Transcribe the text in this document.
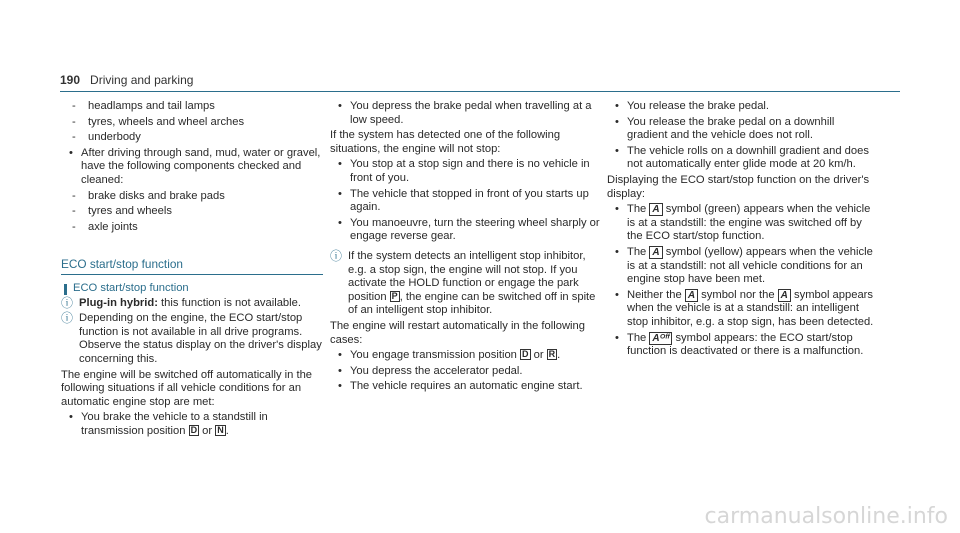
190 Driving and parking

- headlamps and tail lamps

- tyres, wheels and wheel arches

- underbody

• After driving through sand, mud, water or gravel, have the following components checked and cleaned:

- brake disks and brake pads

- tyres and wheels

- axle joints

ECO start/stop function

ECO start/stop function

ⓘ Plug-in hybrid: this function is not available.

ⓘ Depending on the engine, the ECO start/stop function is not available in all drive programs. Observe the status display on the driver's display concerning this.

The engine will be switched off automatically in the following situations if all vehicle conditions for an automatic engine stop are met:

• You brake the vehicle to a standstill in transmission position D or N .

• You depress the brake pedal when travelling at a low speed.

If the system has detected one of the following situations, the engine will not stop:

• You stop at a stop sign and there is no vehicle in front of you.

• The vehicle that stopped in front of you starts up again.

• You manoeuvre, turn the steering wheel sharply or engage reverse gear.

ⓘ If the system detects an intelligent stop inhibitor, e.g. a stop sign, the engine will not stop. If you activate the HOLD function or engage the park position P , the engine can be switched off in spite of an intelligent stop inhibitor.

The engine will restart automatically in the following cases:

• You engage transmission position D or R .

• You depress the accelerator pedal.

• The vehicle requires an automatic engine start.

• You release the brake pedal.

• You release the brake pedal on a downhill gradient and the vehicle does not roll.

• The vehicle rolls on a downhill gradient and does not automatically enter glide mode at 20 km/h.

Displaying the ECO start/stop function on the driver's display:

• The A symbol (green) appears when the vehicle is at a standstill: the engine was switched off by the ECO start/stop function.

• The A symbol (yellow) appears when the vehicle is at a standstill: not all vehicle conditions for an engine stop have been met.

• Neither the A symbol nor the A symbol appears when the vehicle is at a standstill: an intelligent stop inhibitor, e.g. a stop sign, has been detected.

• The Aᴼᶠᶠ symbol appears: the ECO start/stop function is deactivated or there is a malfunction.

carmanualsonline.info
